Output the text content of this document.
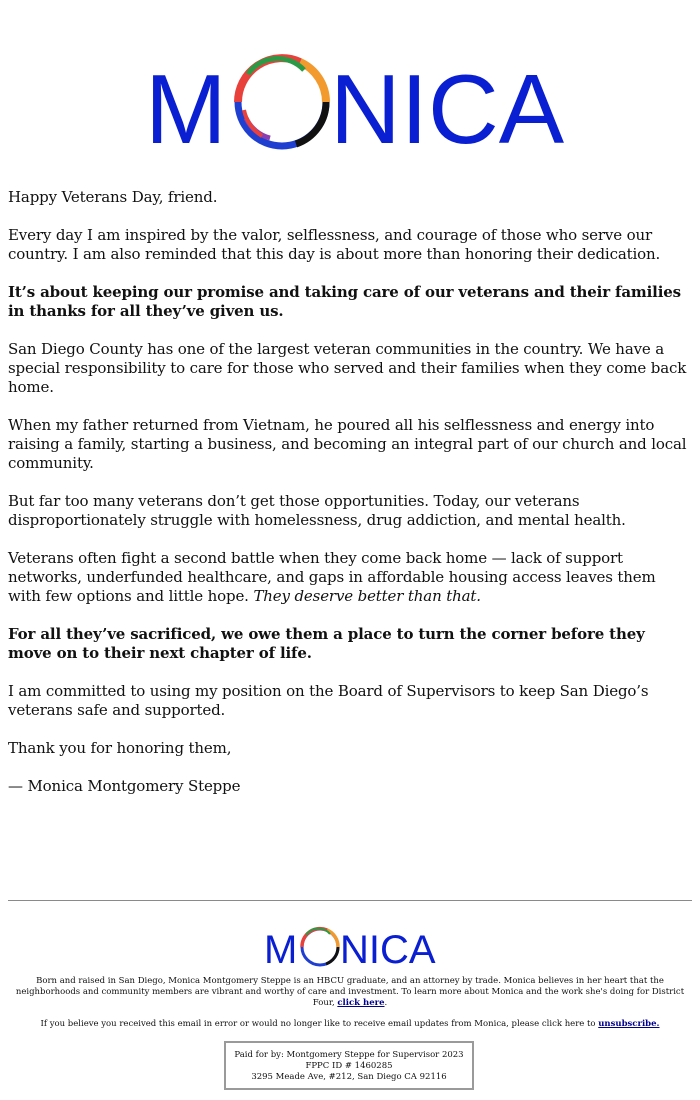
M NICA

Happy Veterans Day, friend.

Every day I am inspired by the valor, selflessness, and courage of those who serve our country. I am also reminded that this day is about more than honoring their dedication.

It’s about keeping our promise and taking care of our veterans and their families in thanks for all they’ve given us.

San Diego County has one of the largest veteran communities in the country. We have a special responsibility to care for those who served and their families when they come back home.

When my father returned from Vietnam, he poured all his selflessness and energy into raising a family, starting a business, and becoming an integral part of our church and local community.

But far too many veterans don’t get those opportunities. Today, our veterans disproportionately struggle with homelessness, drug addiction, and mental health.

Veterans often fight a second battle when they come back home — lack of support networks, underfunded healthcare, and gaps in affordable housing access leaves them with few options and little hope. They deserve better than that.

For all they’ve sacrificed, we owe them a place to turn the corner before they move on to their next chapter of life.

I am committed to using my position on the Board of Supervisors to keep San Diego’s veterans safe and supported.

Thank you for honoring them,

— Monica Montgomery Steppe

M NICA
Born and raised in San Diego, Monica Montgomery Steppe is an HBCU graduate, and an attorney by trade. Monica believes in her heart that the neighborhoods and community members are vibrant and worthy of care and investment. To learn more about Monica and the work she's doing for District Four, click here.
If you believe you received this email in error or would no longer like to receive email updates from Monica, please click here to unsubscribe.
Paid for by: Montgomery Steppe for Supervisor 2023
FPPC ID # 1460285
3295 Meade Ave, #212, San Diego CA 92116
